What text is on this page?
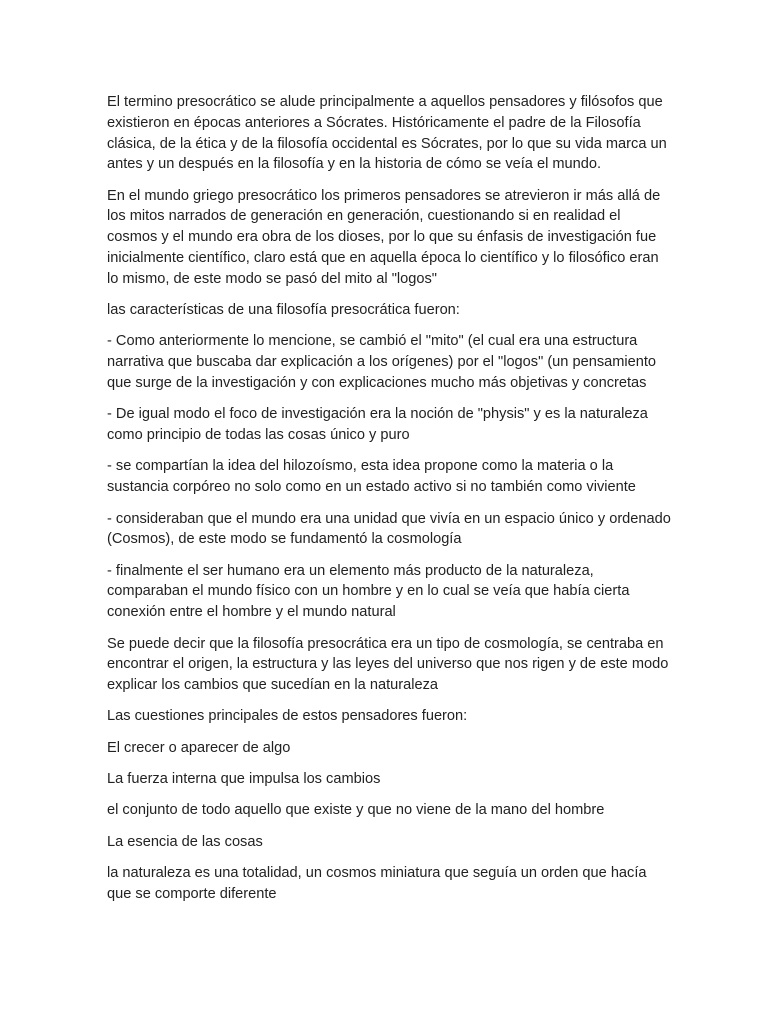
El termino presocrático se alude principalmente a aquellos pensadores y filósofos que existieron en épocas anteriores a Sócrates. Históricamente el padre de la Filosofía clásica, de la ética y de la filosofía occidental es Sócrates, por lo que su vida marca un antes y un después en la filosofía y en la historia de cómo se veía el mundo.

En el mundo griego presocrático los primeros pensadores se atrevieron ir más allá de los mitos narrados de generación en generación, cuestionando si en realidad el cosmos y el mundo era obra de los dioses, por lo que su énfasis de investigación fue inicialmente científico, claro está que en aquella época lo científico y lo filosófico eran lo mismo, de este modo se pasó del mito al "logos"

las características de una filosofía presocrática fueron:

- Como anteriormente lo mencione, se cambió el "mito" (el cual era una estructura narrativa que buscaba dar explicación a los orígenes) por el "logos" (un pensamiento que surge de la investigación y con explicaciones mucho más objetivas y concretas

- De igual modo el foco de investigación era la noción de "physis" y es la naturaleza como principio de todas las cosas único y puro

- se compartían la idea del hilozoísmo, esta idea propone como la materia o la sustancia corpóreo no solo como en un estado activo si no también como viviente

- consideraban que el mundo era una unidad que vivía en un espacio único y ordenado (Cosmos), de este modo se fundamentó la cosmología

- finalmente el ser humano era un elemento más producto de la naturaleza, comparaban el mundo físico con un hombre y en lo cual se veía que había cierta conexión entre el hombre y el mundo natural

Se puede decir que la filosofía presocrática era un tipo de cosmología, se centraba en encontrar el origen, la estructura y las leyes del universo que nos rigen y de este modo explicar los cambios que sucedían en la naturaleza

Las cuestiones principales de estos pensadores fueron:

El crecer o aparecer de algo

La fuerza interna que impulsa los cambios

el conjunto de todo aquello que existe y que no viene de la mano del hombre

La esencia de las cosas

la naturaleza es una totalidad, un cosmos miniatura que seguía un orden que hacía que se comporte diferente
